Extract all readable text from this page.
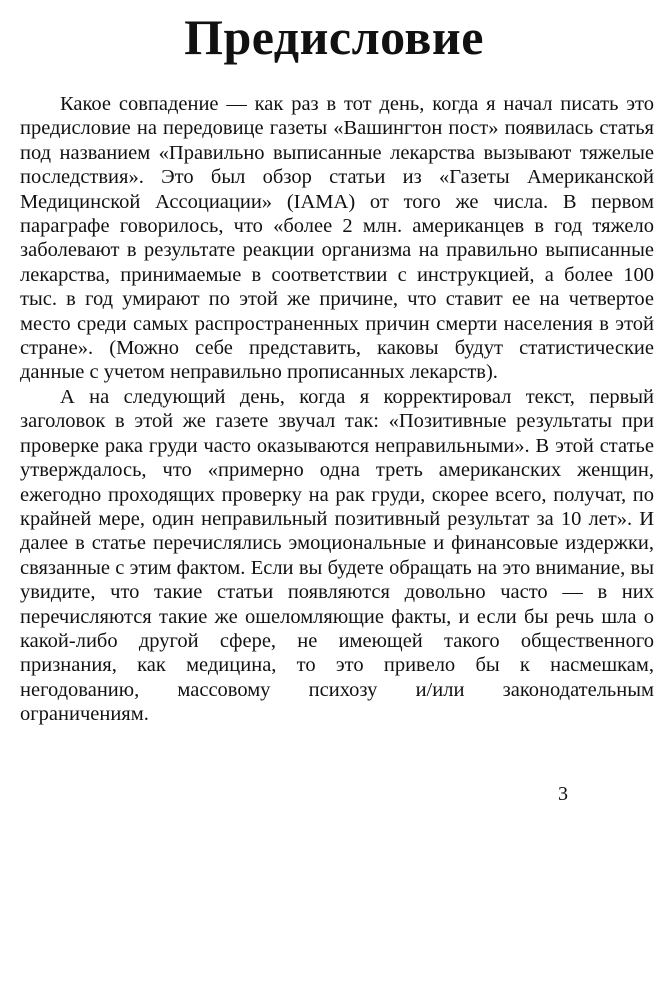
Предисловие

Какое совпадение — как раз в тот день, когда я начал писать это предисловие на передовице газеты «Вашингтон пост» появилась статья под названием «Правильно выписанные лекарства вызывают тяжелые последствия». Это был обзор статьи из «Газеты Американской Медицинской Ассоциации» (IAMA) от того же числа. В первом параграфе говорилось, что «более 2 млн. американцев в год тяжело заболевают в результате реакции организма на правильно выписанные лекарства, принимаемые в соответствии с инструкцией, а более 100 тыс. в год умирают по этой же причине, что ставит ее на четвертое место среди самых распространенных причин смерти населения в этой стране». (Можно себе представить, каковы будут статистические данные с учетом неправильно прописанных лекарств).

А на следующий день, когда я корректировал текст, первый заголовок в этой же газете звучал так: «Позитивные результаты при проверке рака груди часто оказываются неправильными». В этой статье утверждалось, что «примерно одна треть американских женщин, ежегодно проходящих проверку на рак груди, скорее всего, получат, по крайней мере, один неправильный позитивный результат за 10 лет». И далее в статье перечислялись эмоциональные и финансовые издержки, связанные с этим фактом. Если вы будете обращать на это внимание, вы увидите, что такие статьи появляются довольно часто — в них перечисляются такие же ошеломляющие факты, и если бы речь шла о какой-либо другой сфере, не имеющей такого общественного признания, как медицина, то это привело бы к насмешкам, негодованию, массовому психозу и/или законодательным ограничениям.

3
